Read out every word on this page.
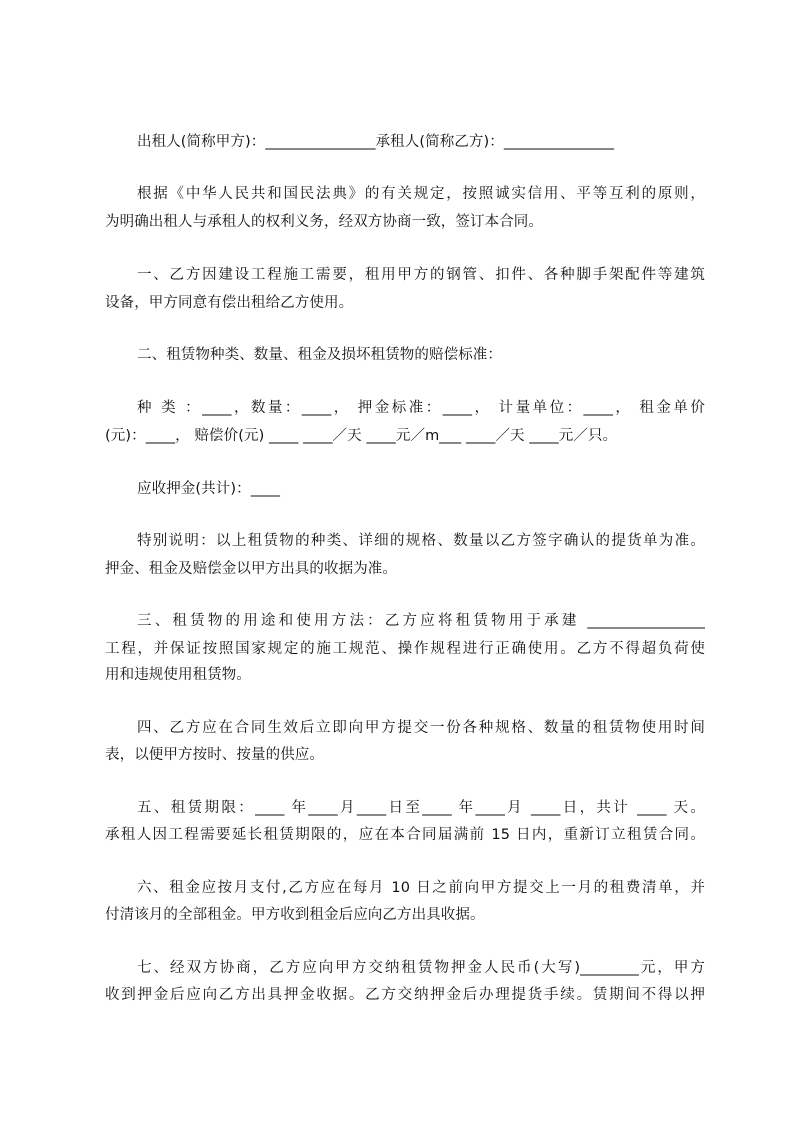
出租人(简称甲方)：_______________承租人(简称乙方)：_______________
根据《中华人民共和国民法典》的有关规定，按照诚实信用、平等互利的原则，
为明确出租人与承租人的权利义务，经双方协商一致，签订本合同。
一、乙方因建设工程施工需要，租用甲方的钢管、扣件、各种脚手架配件等建筑
设备，甲方同意有偿出租给乙方使用。
二、租赁物种类、数量、租金及损坏租赁物的赔偿标准：
种 类 ：____，数量：____， 押金标准：____， 计量单位：____， 租金单价
(元)：____， 赔偿价(元) ____ ____／天 ____元／m___ ____／天 ____元／只。
应收押金(共计)：____
特别说明：以上租赁物的种类、详细的规格、数量以乙方签字确认的提货单为准。
押金、租金及赔偿金以甲方出具的收据为准。
三、租赁物的用途和使用方法：乙方应将租赁物用于承建 ________________
工程，并保证按照国家规定的施工规范、操作规程进行正确使用。乙方不得超负荷使
用和违规使用租赁物。
四、乙方应在合同生效后立即向甲方提交一份各种规格、数量的租赁物使用时间
表，以便甲方按时、按量的供应。
五、租赁期限：____ 年____月____日至____ 年____月 ____日，共计 ____ 天。
承租人因工程需要延长租赁期限的，应在本合同届满前 15 日内，重新订立租赁合同。
六、租金应按月支付,乙方应在每月 10 日之前向甲方提交上一月的租费清单，并
付清该月的全部租金。甲方收到租金后应向乙方出具收据。
七、经双方协商，乙方应向甲方交纳租赁物押金人民币(大写)________元，甲方
收到押金后应向乙方出具押金收据。乙方交纳押金后办理提货手续。赁期间不得以押
